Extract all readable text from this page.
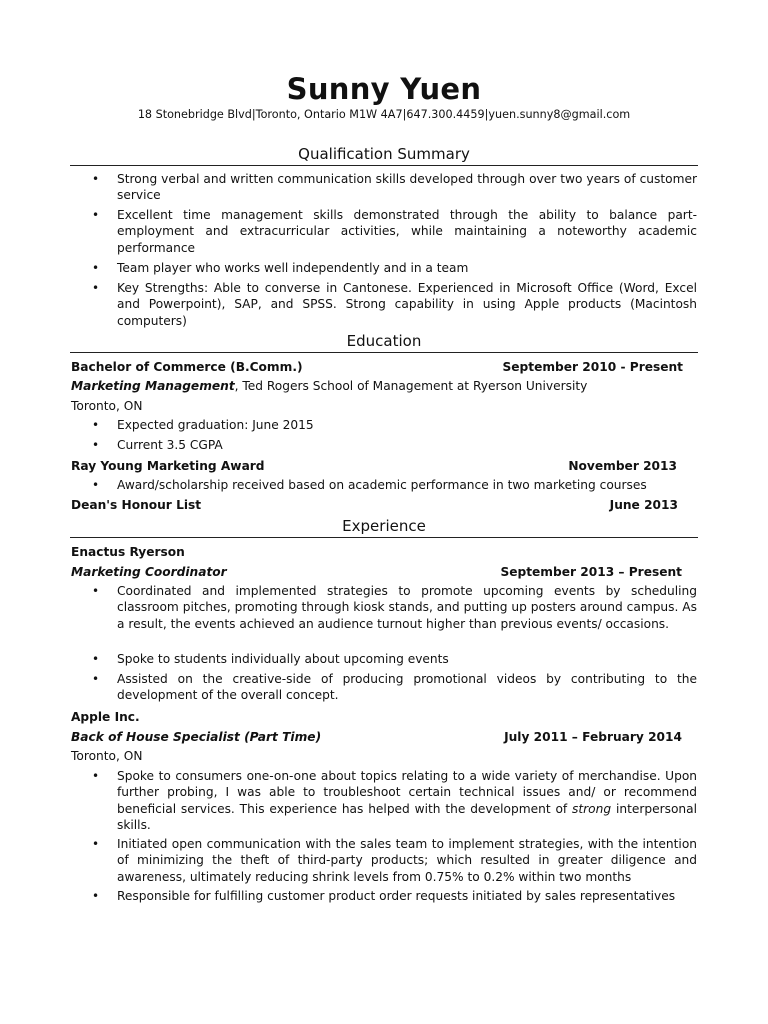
Sunny Yuen
18 Stonebridge Blvd|Toronto, Ontario M1W 4A7|647.300.4459|yuen.sunny8@gmail.com
Qualification Summary
• Strong verbal and written communication skills developed through over two years of customer service
• Excellent time management skills demonstrated through the ability to balance part-employment and extracurricular activities, while maintaining a noteworthy academic performance
• Team player who works well independently and in a team
• Key Strengths: Able to converse in Cantonese. Experienced in Microsoft Office (Word, Excel and Powerpoint), SAP, and SPSS. Strong capability in using Apple products (Macintosh computers)
Education
Bachelor of Commerce (B.Comm.)	September 2010 - Present
Marketing Management, Ted Rogers School of Management at Ryerson University
Toronto, ON
• Expected graduation: June 2015
• Current 3.5 CGPA
Ray Young Marketing Award	November 2013
• Award/scholarship received based on academic performance in two marketing courses
Dean's Honour List	June 2013
Experience
Enactus Ryerson
Marketing Coordinator	September 2013 – Present
• Coordinated and implemented strategies to promote upcoming events by scheduling classroom pitches, promoting through kiosk stands, and putting up posters around campus. As a result, the events achieved an audience turnout higher than previous events/ occasions.
• Spoke to students individually about upcoming events
• Assisted on the creative-side of producing promotional videos by contributing to the development of the overall concept.
Apple Inc.
Back of House Specialist (Part Time)	July 2011 – February 2014
Toronto, ON
• Spoke to consumers one-on-one about topics relating to a wide variety of merchandise. Upon further probing, I was able to troubleshoot certain technical issues and/ or recommend beneficial services. This experience has helped with the development of strong interpersonal skills.
• Initiated open communication with the sales team to implement strategies, with the intention of minimizing the theft of third-party products; which resulted in greater diligence and awareness, ultimately reducing shrink levels from 0.75% to 0.2% within two months
• Responsible for fulfilling customer product order requests initiated by sales representatives
